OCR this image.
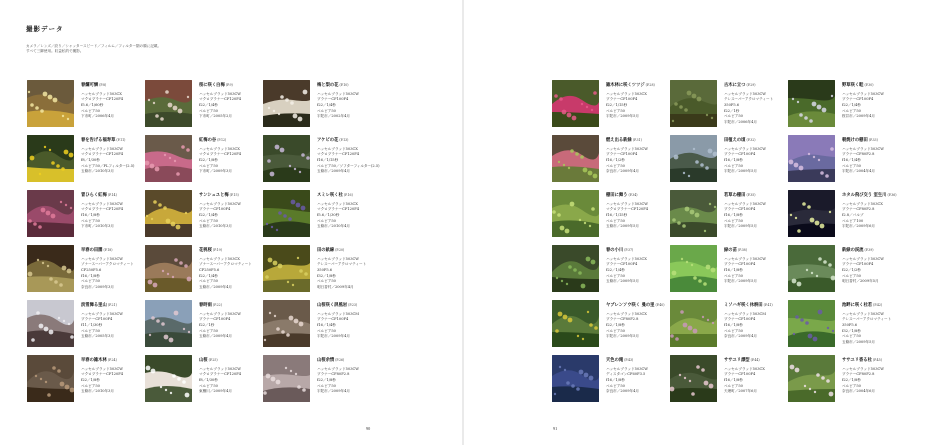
撮影データ
カメラ／レンズ／絞り／シャッタースピード／フィルム／フィルター類の順に記載。
すべて三脚使用。収益私的で撮影。
春爛可憐(P.8)
ハッセルブラッド503CX
マクロプラナーCF120F4
f5.6／1/60秒
ベルビア50
下市町／2006年4月
桜に咲く白梅(P.9)
ハッセルブラッド503CW
マクロプラナーCF120F4
f22／1/4秒
ベルビア50
下市町／2005年2月
梅と梨の花(P.10)
ハッセルブラッド503CW
プラナーCF100F4
f22／1/4秒
ベルビア50
宇陀市／2002年4月
春を告げる福寿草(P.11)
ハッセルブラッド503CW
マクロプラナーCF120F4
f8／1/30秒
ベルビア50／PLフィルター(2.5)
五條市／2010年3月
紅梅の谷(P.12)
ハッセルブラッド503CX
マクロプラナーCF120F4
f22／1/8秒
ベルビア50
下市町／2009年3月
アケビの花(P.13)
ハッセルブラッド503CX
マクロプラナーCF120F4
f16／1/15秒
ベルビア50／ソフターフィルター(2.5)
五條市／2009年4月
冒ひらく紅梅(P.14)
ハッセルブラッド503CW
マクロプラナーCF120F4
f16／1/8秒
ベルビア50
下市町／2010年3月
サンシュユと梅(P.15)
ハッセルブラッド503CW
プラナーCF100F4
f22／1/4秒
ベルビア50
五條市／2010年3月
スミレ咲く杜(P.16)
ハッセルブラッド503CX
マクロプラナーCF120F4
f5.6／1/30秒
ベルビア50
五條市／2010年4月
早春の田園(P.18)
ハッセルブラッド503CW
ゾナースーパーアクロマティート
CF250F5.6
f16／1/8秒
ベルビア50
奈良市／2009年3月
花桃桜(P.19)
ハッセルブラッド503CX
ゾナースーパーアクロマティート
CF250F5.6
f22／1/4秒
ベルビア50
五條市／2009年4月
田の畝線(P.20)
ハッセルブラッド503CW
テレスーパーアクロマティート
350F5.6
f32／1/8秒
ベルビア50
明日香村／2009年4月
淡雪舞る里山(P.21)
ハッセルブラッド503CW
プラナーCF100F4
f11／1/30秒
ベルビア50
五條市／2005年3月
春時雨(P.22)
ハッセルブラッド503CW
プラナーCF100F4
f22／1秒
ベルビア50
五條市／2009年4月
山桜咲く屏風岩(P.23)
ハッセルブラッド503CM
プラナーCF100F4
f16／1/4秒
ベルビア50
宇陀市／2009年4月
早春の雑木林(P.24)
ハッセルブラッド503CW
マクロプラナーCF120F4
f22／1/8秒
ベルビア50
五條市／2010年3月
山桜(P.25)
ハッセルブラッド503CW
マクロプラナーCF120F4
f8／1/30秒
ベルビア50
東櫛川／2009年4月
山桜余情(P.26)
ハッセルブラッド503CW
プラナーCF80F2.8
f22／1/8秒
ベルビア50
宇陀市／2009年4月
90
雑木林に咲くツツジ(P.28)
ハッセルブラッド503CX
プラナーCF100F4
f22／1/15秒
ベルビア50
宇陀市／2009年5月
古木に立つ(P.29)
ハッセルブラッド503CW
テレスーパーアクロマティート
350F5.6
f22／1秒
ベルビア50
宇陀市／2006年4月
野草咲く畦(P.30)
ハッセルブラッド503CW
プラナーCF100F4
f22／1/4秒
ベルビア50
桜井市／2009年4月
燃え出る新緑(P.31)
ハッセルブラッド503CW
プラナーCF100F4
f16／1/2秒
ベルビア50
奈良市／2009年4月
田植えの頃(P.32)
ハッセルブラッド503CW
プラナーCF100F4
f16／1/8秒
ベルビア50
宇陀市／2009年5月
朝焼けの棚田(P.33)
ハッセルブラッド503CW
プラナーCF80F2.8
f16／1/4秒
ベルビア50
宇陀市／2004年4月
棚田に舞う(P.34)
ハッセルブラッド503CW
マクロプラナーCF120F4
f16／1/15秒
ベルビア50
五條市／2009年5月
若草わ棚田(P.35)
ハッセルブラッド503CW
プラナーCF100F4
f16／1/8秒
ベルビア50
宇陀市／2009年5月
ホタル飛び交う 室生川(P.36)
ハッセルブラッド503CX
プラナーCF80F2.8
f2.8／バルブ
ベルビア100
宇陀市／2009年6月
春の小川(P.37)
ハッセルブラッド503CX
プラナーCF100F4
f22／1/4秒
ベルビア50
五條市／2009年5月
緑の苗(P.38)
ハッセルブラッド503CW
プラナーCF100F4
f16／1/8秒
ベルビア50
宇陀市／2009年5月
新緑の渓流(P.39)
ハッセルブラッド503CW
プラナーCF100F4
f22／1/2秒
ベルビア50
明日香村／2009年5月
ヤブレンソウ咲く 曼の里(P.40)
ハッセルブラッド503CX
プラナーCF80F2.8
f22／1/8秒
ベルビア50
宇陀市／2009年5月
ミソハギ咲く休耕田(P.41)
ハッセルブラッド503CM
プラナーCF100F4
f16／1/8秒
ベルビア50
奈良市／2009年4月
池畔に咲く杜若(P.42)
ハッセルブラッド503CW
テレスーパーアクロマティート
350F5.6
f32／1/8秒
ベルビア50
五條市／2009年5月
天色の滝(P.43)
ハッセルブラッド503CW
ディスタゴンCF60F3.5
f16／1/8秒
ベルビア50
奈良市／2009年4月
ササユリ漂型(P.44)
ハッセルブラッド503CX
プラナーCF100F4
f16／1/8秒
ベルビア50
天理町／2007年6月
ササユリ香る杜(P.45)
ハッセルブラッド503CW
プラナーCF80F2.8
f22／1/8秒
ベルビア50
奈良市／2004年6月
91
